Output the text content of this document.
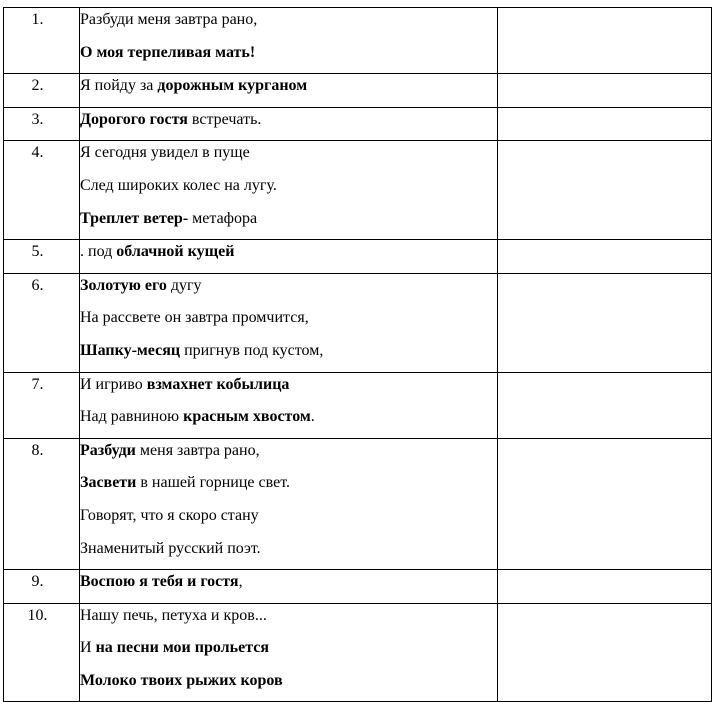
1.	Разбуди меня завтра рано,
О моя терпеливая мать!	

2.	Я пойду за дорожным курганом	

3.	Дорогого гостя встречать.	

4.	Я сегодня увидел в пуще
След широких колес на лугу.
Треплет ветер- метафора	

5.	. под облачной кущей	

6.	Золотую его дугу
На рассвете он завтра промчится,
Шапку-месяц пригнув под кустом,	

7.	И игриво взмахнет кобылица
Над равниною красным хвостом.	

8.	Разбуди меня завтра рано,
Засвети в нашей горнице свет.
Говорят, что я скоро стану
Знаменитый русский поэт.	

9.	Воспою я тебя и гостя,	

10.	Нашу печь, петуха и кров...
И на песни мои прольется
Молоко твоих рыжих коров	
